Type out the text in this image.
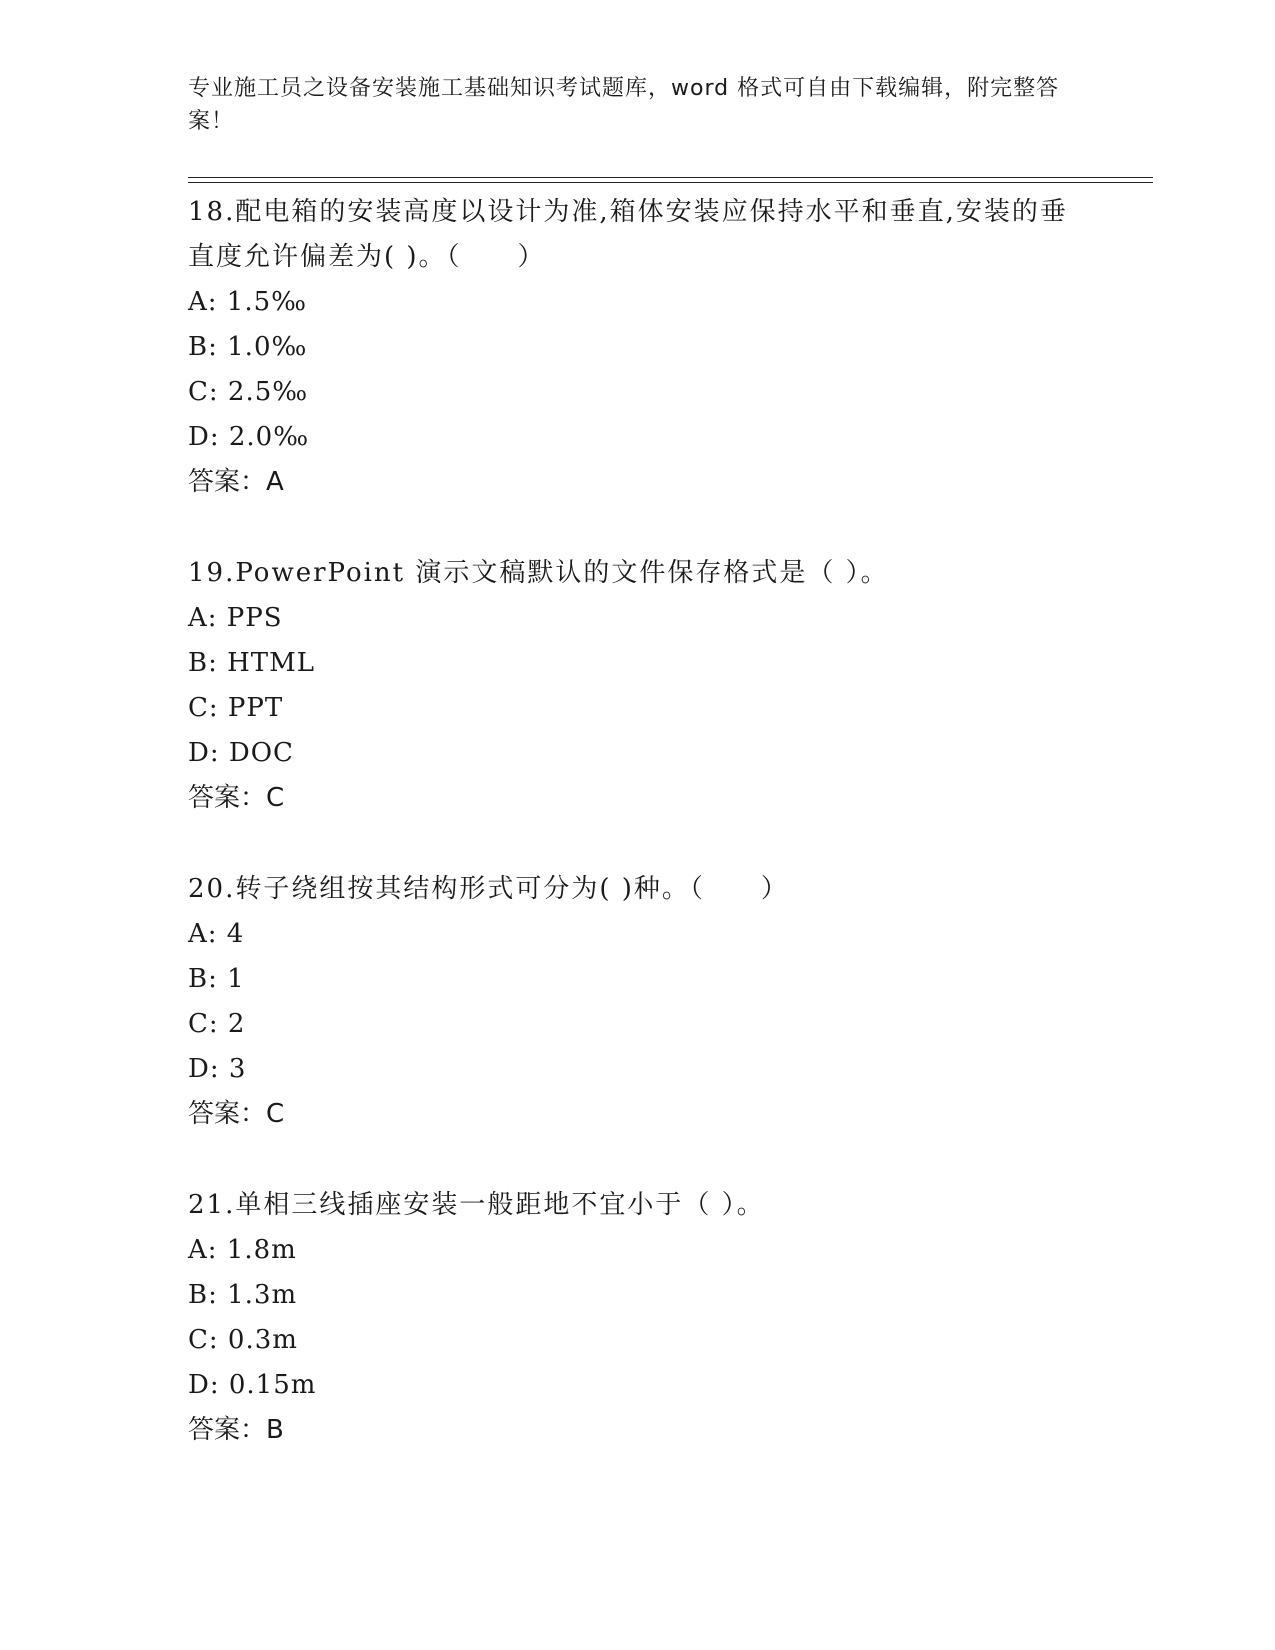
专业施工员之设备安装施工基础知识考试题库，word 格式可自由下载编辑，附完整答案！
18.配电箱的安装高度以设计为准,箱体安装应保持水平和垂直,安装的垂直度允许偏差为( )。（　　）
A: 1.5‰
B: 1.0‰
C: 2.5‰
D: 2.0‰
答案：A
19.PowerPoint 演示文稿默认的文件保存格式是（ ）。
A: PPS
B: HTML
C: PPT
D: DOC
答案：C
20.转子绕组按其结构形式可分为( )种。（　　）
A: 4
B: 1
C: 2
D: 3
答案：C
21.单相三线插座安装一般距地不宜小于（ ）。
A: 1.8m
B: 1.3m
C: 0.3m
D: 0.15m
答案：B
